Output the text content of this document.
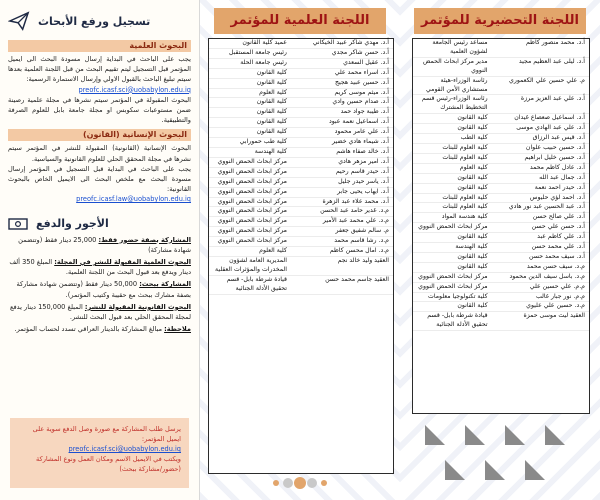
تسجيل ورفع الأبحاث
البحوث العلمية
يجب على الباحث في البداية إرسال مسودة البحث الى ايميل المؤتمر قبل التسجيل ليتم تقييم البحث من قبل اللجنة العلمية بعدها سيتم تبليغ الباحث بالقبول الاولي وإرسال الاستمارة الرسمية:
preofc.icasf.sci@uobabylon.edu.iq
البحوث المقبولة في المؤتمر سيتم نشرها في مجلة علمية رصينة ضمن مستوعبات سكوبس او مجلة جامعة بابل للعلوم الصرفة والتطبيقية.
البحوث الإنسانية (القانون)
البحوث الإنسانية (القانونية) المقبولة للنشر في المؤتمر سيتم نشرها في مجلة المحقق الحلي للعلوم القانونية والسياسية.
يجب على الباحث في البداية قبل التسجيل في المؤتمر إرسال مسودة البحث مع ملخص البحث الى الايميل الخاص بالبحوث القانونية:
preofc.icasf.law@uobabylon.edu.iq
الأجور والدفع
المشاركة بصفة حضور فقط: 25,000 دينار فقط (وتتضمن شهادة مشاركة)
البحوث العلمية المقبولة للنشر في المجلة: المبلغ 350 ألف دينار ويدفع بعد قبول البحث من اللجنة العلمية.
المشاركة ببحث: 50,000 دينار فقط (وتتضمن شهادة مشاركة بصفة مشارك ببحث مع حقيبة وكتيب المؤتمر).
البحوث القانونية المقبولة للنشر: المبلغ 150,000 دينار يدفع لمجلة المحقق الحلي بعد قبول البحث للنشر.
ملاحظة: مبالغ المشاركة بالدينار العراقي تسدد لحساب المؤتمر.
يرسل طلب المشاركة مع صورة وصل الدفع سوية على ايميل المؤتمر:
preofc.icasf.sci@uobabylon.edu.iq
ويكتب في الايميل الاسم ومكان العمل ونوع المشاركة (حضور/مشاركة ببحث)
اللجنة العلمية للمؤتمر
أ.د. مهدي شاكر عبيد الخيكاني
عميد كلية القانون
أ.د. حسن شاكر مجدي
رئيس جامعة المستقبل
أ.د. عقيل السعدي
رئيس جامعة الحلة
أ.د. اسراء محمد علي
كلية القانون
أ.د. حسين عبيد هجيج
كلية القانون
أ.د. ميثم موسى كريم
كلية العلوم
أ.د. صدام حسين وادي
كلية القانون
أ.د. طيبة جواد حمد
كلية القانون
أ.د. اسماعيل نعمة عبود
كلية القانون
أ.د. علي عامر محمود
كلية القانون
أ.د. شيماء هادي خضير
كلية طب حمورابي
أ.د. خالد صفاء هاشم
كلية الهندسة
أ.د. امير مزهر هادي
مركز ابحاث الحمض النووي
أ.د. حيدر قاسم رحيم
مركز ابحاث الحمض النووي
أ.د. ياسر حيدر جليل
مركز ابحاث الحمض النووي
أ.د. ايهاب يحيى جابر
مركز ابحاث الحمض النووي
أ.د. محمد علاء عبد الزهرة
مركز ابحاث الحمض النووي
م.د. غدير حامد عبد الحسن
مركز ابحاث الحمض النووي
م.د. علي محمد عبد الأمير
مركز ابحاث الحمض النووي
م. سالم شفيق جعفر
مركز ابحاث الحمض النووي
م.د. رشا قاسم محمد
مركز ابحاث الحمض النووي
م.د. امال محسن كاظم
كلية العلوم
العقيد وليد خالد نجم
المديرية العامة لشؤون المخدرات والمؤثرات العقلية
العقيد جاسم محمد حسن
قيادة شرطة بابل- قسم تحقيق الأدلة الجنائية
اللجنة التحضيرية للمؤتمر
أ.د. محمد منصور كاظم
مساعد رئيس الجامعة لشؤون العلمية
أ.د. ليلى عبد العظيم مجيد
مدير مركز ابحاث الحمض النووي
م. علي حسين علي الكعموري
رئاسة الوزراء-هيئة مستشاري الأمن القومي
أ.د. علي عبد العزيز مرزة
رئاسة الوزراء-رئيس قسم التخطيط المشترك
أ.د. اسماعيل صعصاع غيدان
كلية القانون
أ.د. علي عبد الهادي موسى
كلية القانون
أ.د. قيس عبد الرزاق
كلية الطب
أ.د. حسين حبيب علوان
كلية العلوم للبنات
أ.د. حسين خليل ابراهيم
كلية العلوم للبنات
أ.د. عادل كاظم محمد
كلية العلوم
أ.د. جمال عبد الله
كلية القانون
أ.د. حيدر احمد نعمة
كلية القانون
أ.د. احمد لؤي حليوس
كلية العلوم للبنات
أ.د. عبد الحسين عبد نور هادي
كلية العلوم للبنات
أ.د. علي صالح حسن
كلية هندسة المواد
أ.د. حسن علي حسن
مركز ابحاث الحمض النووي
أ.د. علي كاظم عبد
كلية القانون
أ.د. علي محمد حسن
كلية الهندسة
أ.د. سيف محمد حسن
كلية القانون
م.د. سيف حسن محمد
كلية القانون
م.د. باسل سيف الدين محمود
مركز ابحاث الحمض النووي
م.م. علي حسين علي
مركز ابحاث الحمض النووي
م.م. نور جبار غالب
كلية تكنولوجيا معلومات
م.د. حسين علي عليوي
كلية القانون
العقيد ليث موسى حمزة
قيادة شرطة بابل- قسم تحقيق الأدلة الجنائية
